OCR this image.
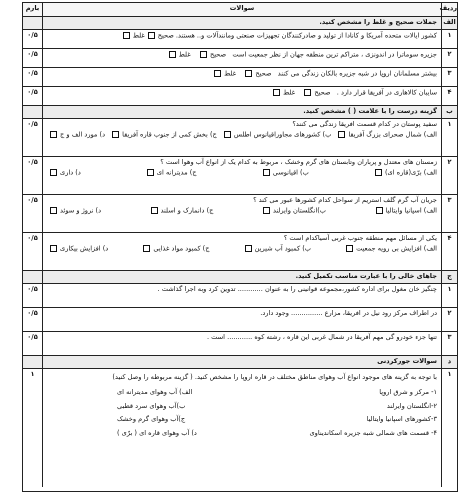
ردیف
سوالات
بارم
الف
جملات صحیح و غلط را مشخص کنید.
۱
کشور ایالات متحده آمریکا و کانادا از تولید و صادرکنندگان تجهیزات صنعتی ومانندآلات و.. هستند. صحیحغلط
۰/۵
۲
جزیره سوماترا در اندونزی ، متراکم ترین منطقه جهان از نظر جمعیت است   صحیح   غلط
۰/۵
۳
بیشتر مسلمانان اروپا در شبه جزیره بالکان زندگی می کنند   صحیح   غلط
۰/۵
۴
سایبان کالاهاری در آفریقا قرار دارد .   صحیح   غلط
۰/۵
ب
گزینه درست را با علامت ( ) مشخص کنید.
۱
سفید پوستان در کدام قسمت افریقا زندگی می کنند؟
الف) شمال صحرای بزرگ آفریقا
ب) کشورهای مجاوراقیانوس اطلس
ج) بخش کمی از جنوب قاره آفریقا
د) مورد الف و ج
۰/۵
۲
زمستان های معتدل و پرباران وتابستان های گرم وخشک ، مربوط به کدام یک از انواع آب وهوا است ؟
الف) برّی(قاره ای)
ب) اقیانوسی
ج) مدیترانه ای
د) داری
۰/۵
۳
جریان آب گرم گلف استریم از سواحل کدام کشورها عبور می کند ؟
الف) اسپانیا وایتالیا
ب)انگلستان وایرلند
ج) دانمارک و اسلند
د) نروژ و سوئد
۰/۵
۴
یکی از مسائل مهم منطقه جنوب غربی آسیاکدام است ؟
الف) افزایش بی رویه جمعیت
ب) کمبود آب شیرین
ج) کمبود مواد غذایی
د) افزایش بیکاری
۰/۵
ج
جاهای خالی را با عبارت مناسب تکمیل کنید.
۱
چنگیز خان مغول برای اداره کشور،مجموعه قوانینی را به عنوان ............ تدوین کرد وبه اجرا گذاشت .
۰/۵
۲
در اطراف مرکز رود نیل در افریقا، مزارع ............... وجود دارد.
۰/۵
۳
تنها جزء خودرو گی مهم آفریقا در شمال غربی این قاره ، رشته کوه ............ است .
۰/۵
د
سوالات جورکردنی
۱
با توجه به گزینه های موجود انواع آب وهوای مناطق مختلف در قاره اروپا را مشخص کنید. ( گزینه مربوطه را وصل کنید)
۱- مرکز و شرق اروپا
الف) آب وهوای مدیترانه ای
۲-انگلستان وایرلند
ب)آب وهوای سرد قطبی
۳-کشورهای اسپانیا وایتالیا
ج)آب وهوای گرم وخشک
۴- قسمت های شمالی شبه جزیره اسکاندیناوی
د) آب وهوای قاره ای ( برّی )
۱
